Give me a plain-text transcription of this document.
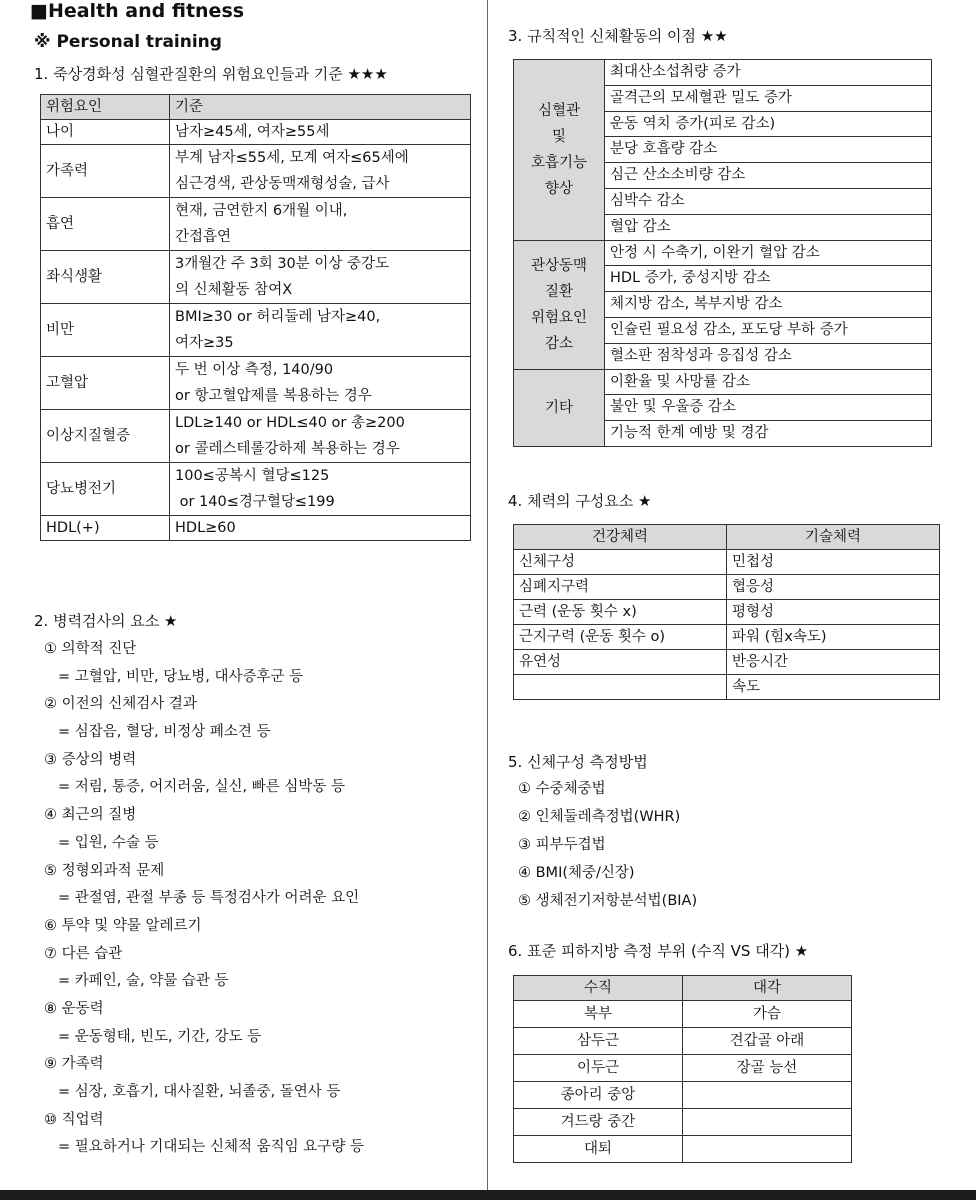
■Health and fitness
※ Personal training
1. 죽상경화성 심혈관질환의 위험요인들과 기준 ★★★
위험요인	기준
나이	남자≥45세, 여자≥55세

가족력	부계 남자≤55세, 모계 여자≤65세에
심근경색, 관상동맥재형성술, 급사

흡연	현재, 금연한지 6개월 이내,
간접흡연

좌식생활	3개월간 주 3회 30분 이상 중강도
의 신체활동 참여X

비만	BMI≥30 or 허리둘레 남자≥40,
여자≥35

고혈압	두 번 이상 측정, 140/90
or 항고혈압제를 복용하는 경우

이상지질혈증	LDL≥140 or HDL≤40 or 총≥200
or 콜레스테롤강하제 복용하는 경우

당뇨병전기	100≤공복시 혈당≤125
or 140≤경구혈당≤199

HDL(+)	HDL≥60
2. 병력검사의 요소 ★
① 의학적 진단
= 고혈압, 비만, 당뇨병, 대사증후군 등
② 이전의 신체검사 결과
= 심잡음, 혈당, 비정상 폐소견 등
③ 증상의 병력
= 저림, 통증, 어지러움, 실신, 빠른 심박동 등
④ 최근의 질병
= 입원, 수술 등
⑤ 정형외과적 문제
= 관절염, 관절 부종 등 특정검사가 어려운 요인
⑥ 투약 및 약물 알레르기
⑦ 다른 습관
= 카페인, 술, 약물 습관 등
⑧ 운동력
= 운동형태, 빈도, 기간, 강도 등
⑨ 가족력
= 심장, 호흡기, 대사질환, 뇌졸중, 돌연사 등
⑩ 직업력
= 필요하거나 기대되는 신체적 움직임 요구량 등
3. 규칙적인 신체활동의 이점 ★★
심혈관
및
호흡기능
향상	최대산소섭취량 증가
	골격근의 모세혈관 밀도 증가
	운동 역치 증가(피로 감소)
	분당 호흡량 감소
	심근 산소소비량 감소
	심박수 감소
	혈압 감소

관상동맥
질환
위험요인
감소	안정 시 수축기, 이완기 혈압 감소
	HDL 증가, 중성지방 감소
	체지방 감소, 복부지방 감소
	인슐린 필요성 감소, 포도당 부하 증가
	혈소판 점착성과 응집성 감소

기타	이환율 및 사망률 감소
	불안 및 우울증 감소
	기능적 한계 예방 및 경감
4. 체력의 구성요소 ★
건강체력	기술체력
신체구성	민첩성
심폐지구력	협응성
근력 (운동 횟수 x)	평형성
근지구력 (운동 횟수 o)	파워 (힘x속도)
유연성	반응시간
	속도
5. 신체구성 측정방법
① 수중체중법
② 인체둘레측정법(WHR)
③ 피부두겹법
④ BMI(체중/신장)
⑤ 생체전기저항분석법(BIA)
6. 표준 피하지방 측정 부위 (수직 VS 대각) ★
수직	대각
복부	가슴
삼두근	견갑골 아래
이두근	장골 능선
종아리 중앙	
겨드랑 중간	
대퇴	
